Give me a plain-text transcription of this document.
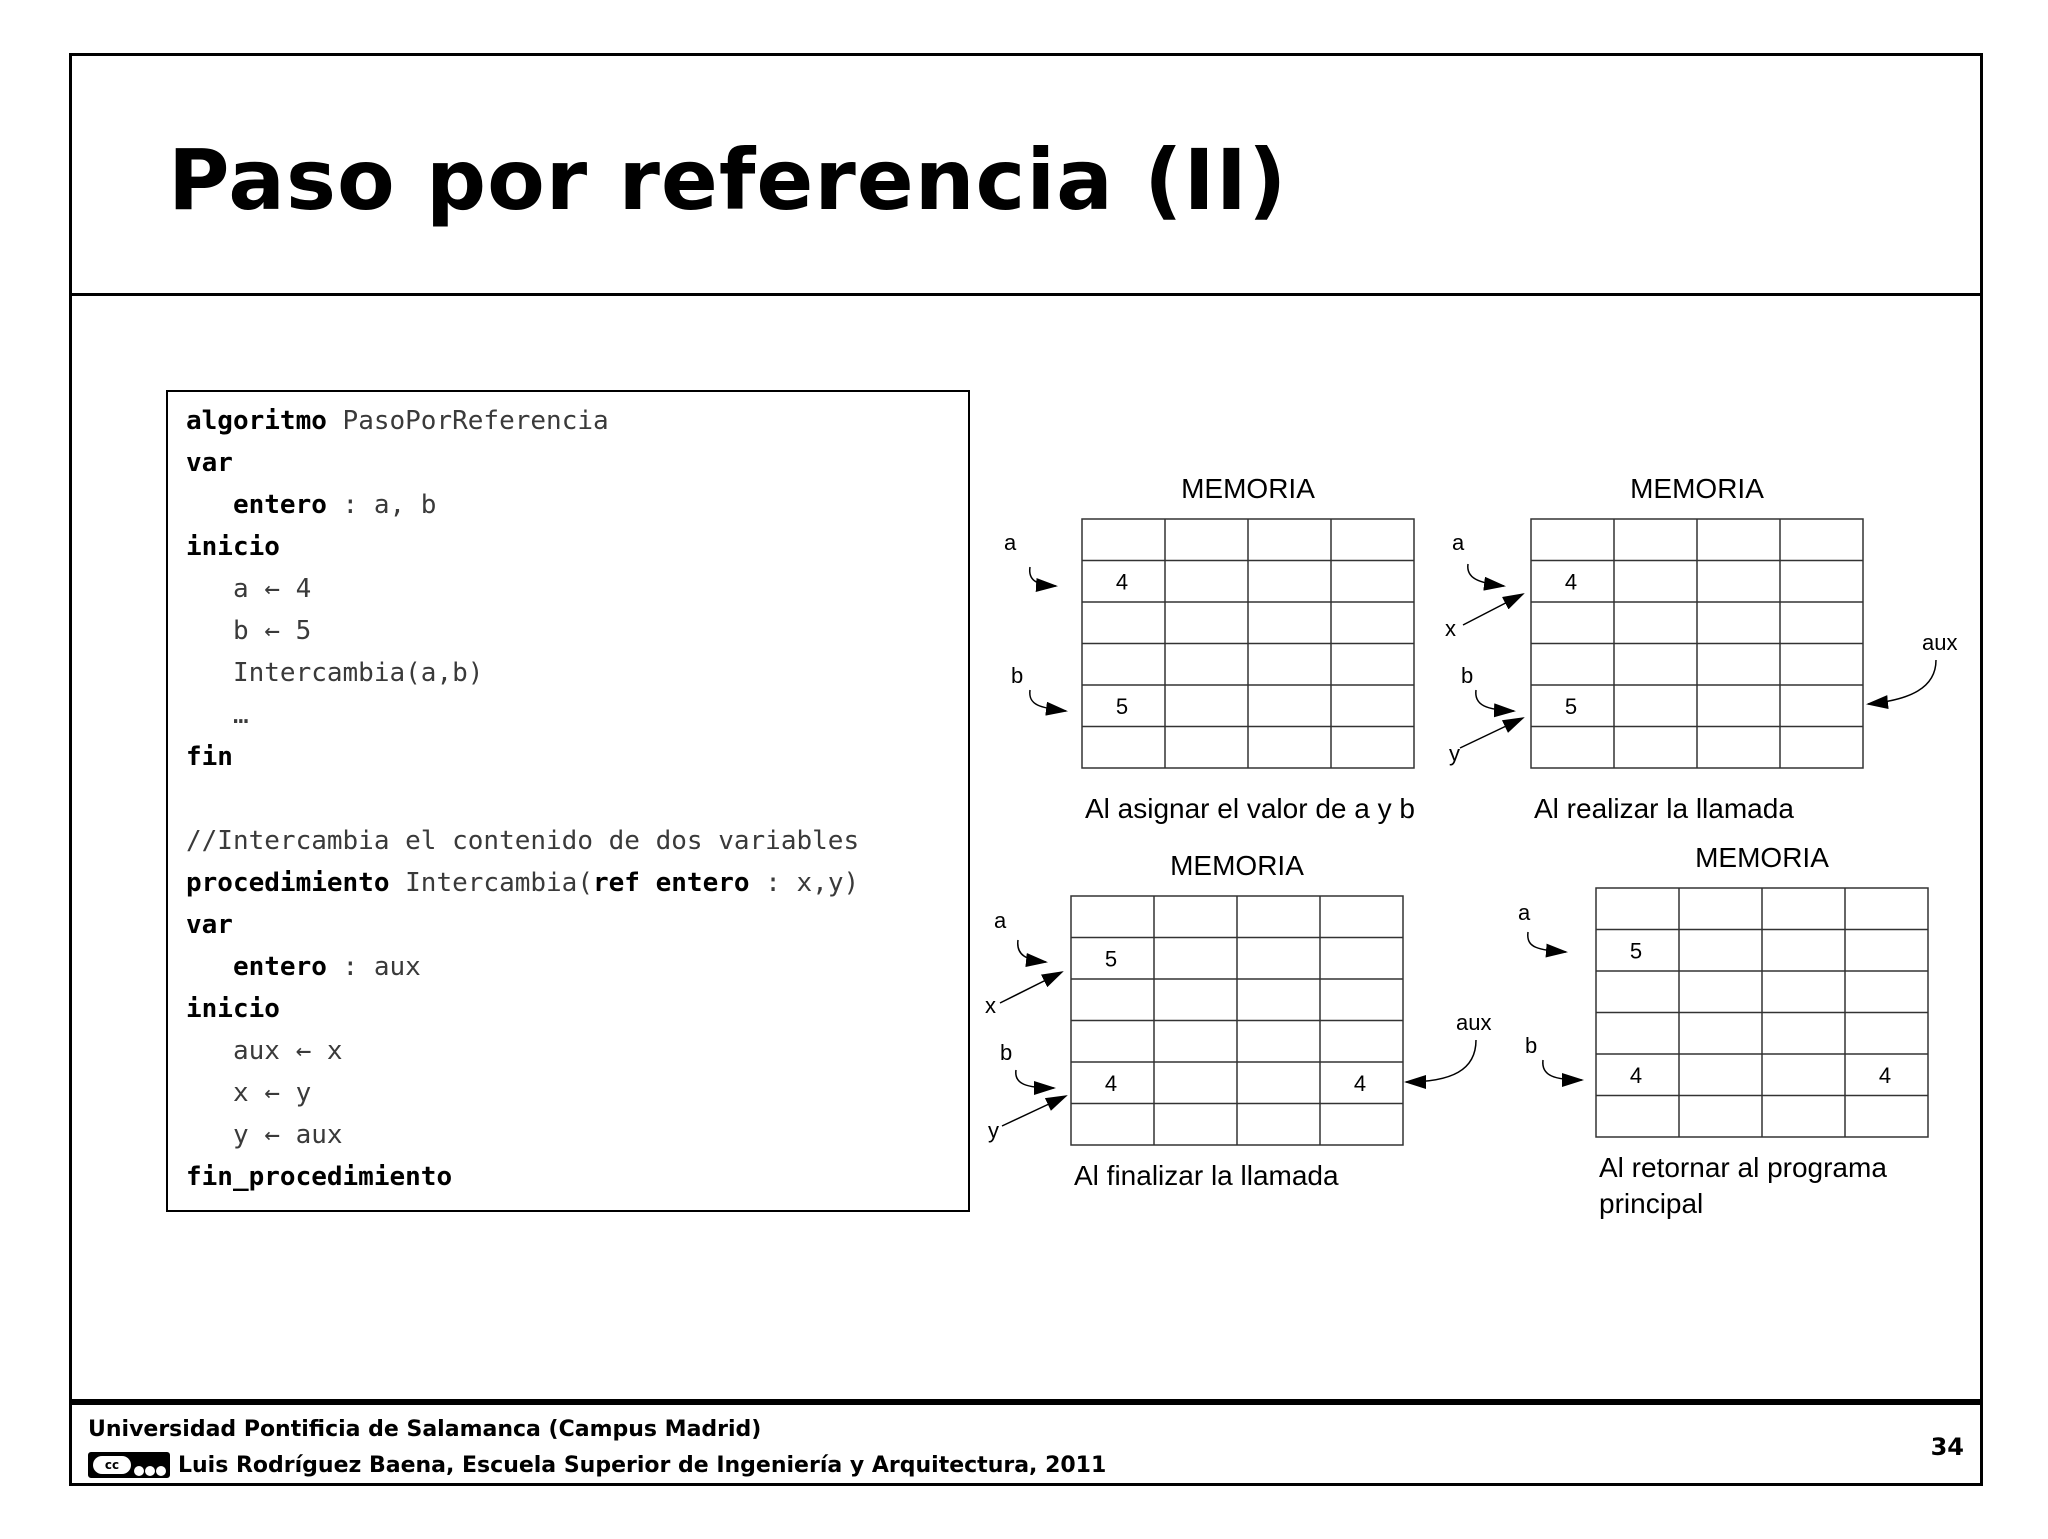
Paso por referencia (II)
Universidad Pontificia de Salamanca (Campus Madrid)
cc	Luis Rodríguez Baena, Escuela Superior de Ingeniería y Arquitectura, 2011
34
algoritmo PasoPorReferencia
var
entero : a, b
inicio
a ← 4
b ← 5
Intercambia(a,b)
…
fin
//Intercambia el contenido de dos variables
procedimiento Intercambia(ref entero : x,y)
var
entero : aux
inicio
aux ← x
x ← y
y ← aux
fin_procedimiento
MEMORIA
4
5
a
b
Al asignar el valor de a y b
MEMORIA
4
5
a
x
b
y
aux
Al realizar la llamada
MEMORIA
5
4	4
a
x
b
y
aux
Al finalizar la llamada
MEMORIA
5
4	4
a
b
Al retornar al programa
principal
